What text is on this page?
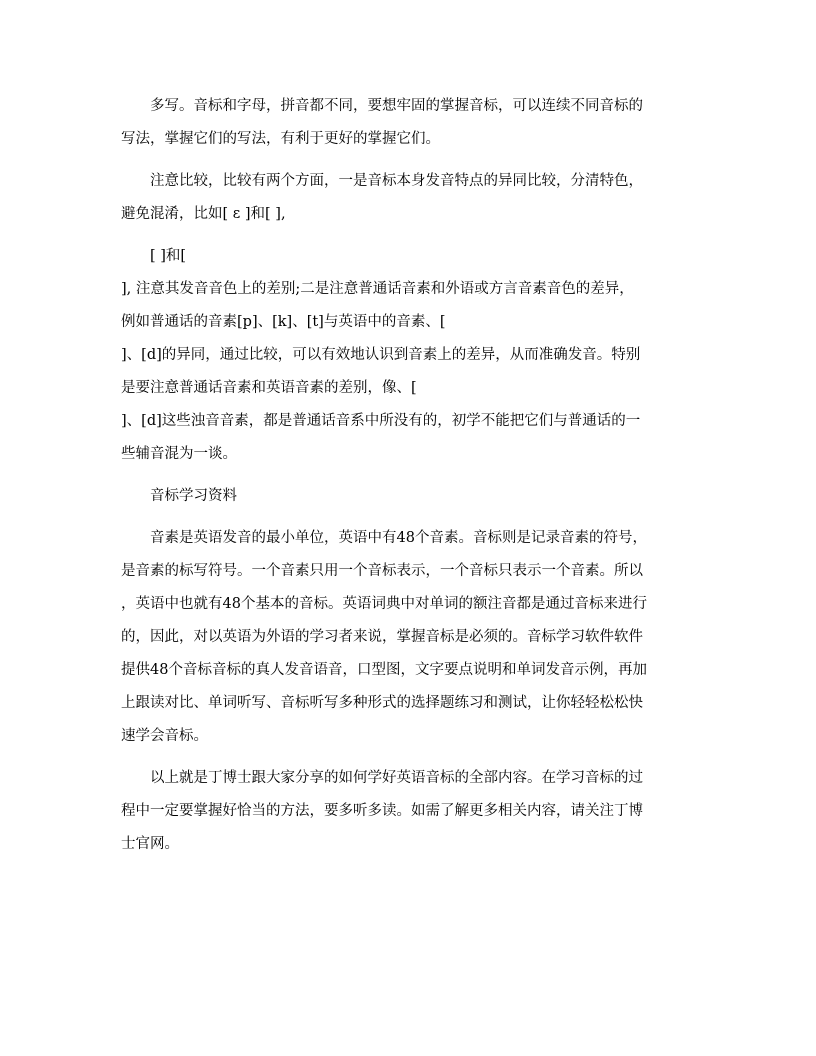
多写。音标和字母，拼音都不同，要想牢固的掌握音标，可以连续不同音标的
写法，掌握它们的写法，有利于更好的掌握它们。
注意比较，比较有两个方面，一是音标本身发音特点的异同比较，分清特色，
避免混淆，比如[ ɛ ]和[ ],
[ ]和[
], 注意其发音音色上的差别;二是注意普通话音素和外语或方言音素音色的差异，
例如普通话的音素[p]、[k]、[t]与英语中的音素、[
]、[d]的异同，通过比较，可以有效地认识到音素上的差异，从而准确发音。特别
是要注意普通话音素和英语音素的差别，像、[
]、[d]这些浊音音素，都是普通话音系中所没有的，初学不能把它们与普通话的一
些辅音混为一谈。
音标学习资料
音素是英语发音的最小单位，英语中有48个音素。音标则是记录音素的符号，
是音素的标写符号。一个音素只用一个音标表示，一个音标只表示一个音素。所以
，英语中也就有48个基本的音标。英语词典中对单词的额注音都是通过音标来进行
的，因此，对以英语为外语的学习者来说，掌握音标是必须的。音标学习软件软件
提供48个音标音标的真人发音语音，口型图，文字要点说明和单词发音示例，再加
上跟读对比、单词听写、音标听写多种形式的选择题练习和测试，让你轻轻松松快
速学会音标。
以上就是丁博士跟大家分享的如何学好英语音标的全部内容。在学习音标的过
程中一定要掌握好恰当的方法，要多听多读。如需了解更多相关内容，请关注丁博
士官网。
